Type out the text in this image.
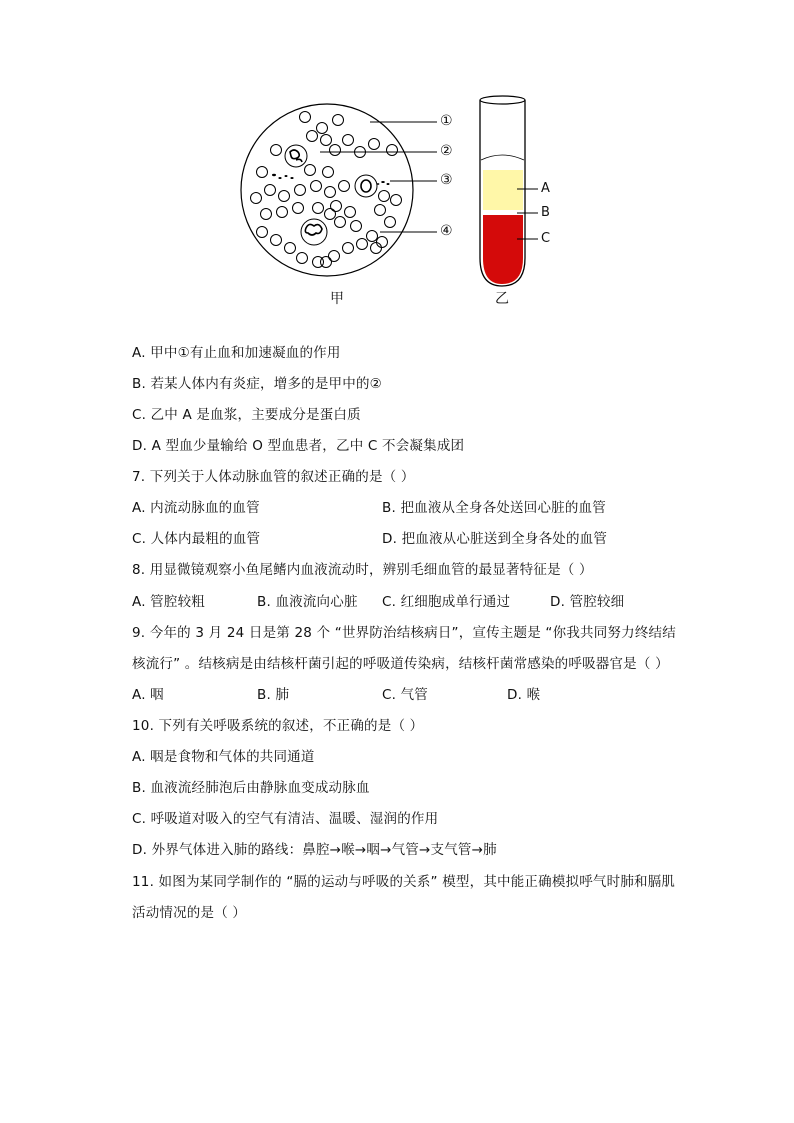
①
②
③
④
甲
A
B
C
乙
A. 甲中①有止血和加速凝血的作用
B. 若某人体内有炎症，增多的是甲中的②
C. 乙中 A 是血浆，主要成分是蛋白质
D. A 型血少量输给 O 型血患者，乙中 C 不会凝集成团
7. 下列关于人体动脉血管的叙述正确的是（ ）
A. 内流动脉血的血管	B. 把血液从全身各处送回心脏的血管
C. 人体内最粗的血管	D. 把血液从心脏送到全身各处的血管
8. 用显微镜观察小鱼尾鳍内血液流动时，辨别毛细血管的最显著特征是（ ）
A. 管腔较粗	B. 血液流向心脏 C. 红细胞成单行通过	D. 管腔较细
9. 今年的 3 月 24 日是第 28 个 “世界防治结核病日”，宣传主题是 “你我共同努力终结结
核流行” 。结核病是由结核杆菌引起的呼吸道传染病，结核杆菌常感染的呼吸器官是（ ）
A. 咽	B. 肺	C. 气管	D. 喉
10. 下列有关呼吸系统的叙述，不正确的是（ ）
A. 咽是食物和气体的共同通道
B. 血液流经肺泡后由静脉血变成动脉血
C. 呼吸道对吸入的空气有清洁、温暖、湿润的作用
D. 外界气体进入肺的路线：鼻腔→喉→咽→气管→支气管→肺
11. 如图为某同学制作的 “膈的运动与呼吸的关系” 模型，其中能正确模拟呼气时肺和膈肌
活动情况的是（ ）
